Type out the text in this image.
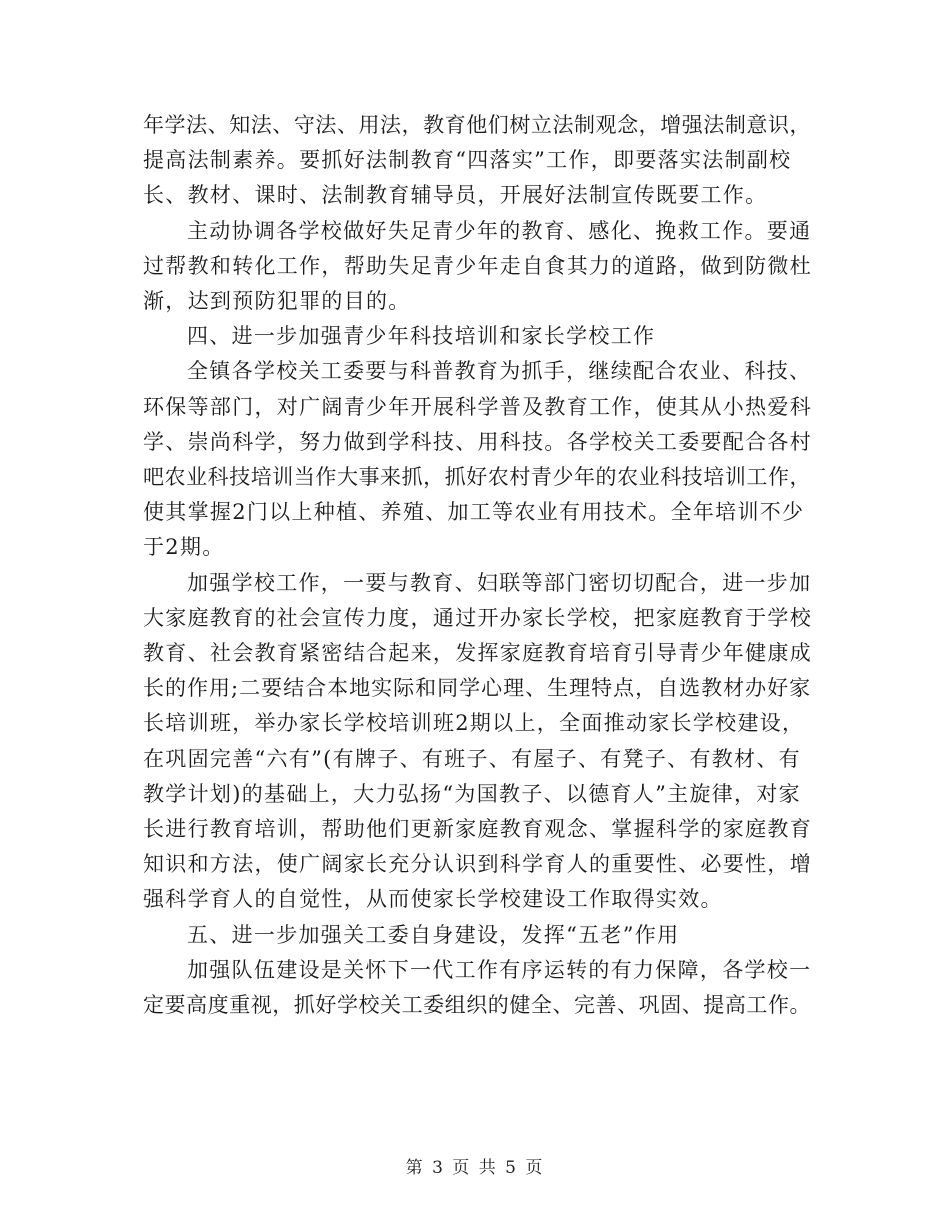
年学法、知法、守法、用法，教育他们树立法制观念，增强法制意识，

提高法制素养。要抓好法制教育“四落实”工作，即要落实法制副校

长、教材、课时、法制教育辅导员，开展好法制宣传既要工作。

主动协调各学校做好失足青少年的教育、感化、挽救工作。要通

过帮教和转化工作，帮助失足青少年走自食其力的道路，做到防微杜

渐，达到预防犯罪的目的。

四、进一步加强青少年科技培训和家长学校工作

全镇各学校关工委要与科普教育为抓手，继续配合农业、科技、

环保等部门，对广阔青少年开展科学普及教育工作，使其从小热爱科

学、崇尚科学，努力做到学科技、用科技。各学校关工委要配合各村

吧农业科技培训当作大事来抓，抓好农村青少年的农业科技培训工作，

使其掌握2门以上种植、养殖、加工等农业有用技术。全年培训不少

于2期。

加强学校工作，一要与教育、妇联等部门密切切配合，进一步加

大家庭教育的社会宣传力度，通过开办家长学校，把家庭教育于学校

教育、社会教育紧密结合起来，发挥家庭教育培育引导青少年健康成

长的作用;二要结合本地实际和同学心理、生理特点，自选教材办好家

长培训班，举办家长学校培训班2期以上，全面推动家长学校建设，

在巩固完善“六有”(有牌子、有班子、有屋子、有凳子、有教材、有

教学计划)的基础上，大力弘扬“为国教子、以德育人”主旋律，对家

长进行教育培训，帮助他们更新家庭教育观念、掌握科学的家庭教育

知识和方法，使广阔家长充分认识到科学育人的重要性、必要性，增

强科学育人的自觉性，从而使家长学校建设工作取得实效。

五、进一步加强关工委自身建设，发挥“五老”作用

加强队伍建设是关怀下一代工作有序运转的有力保障，各学校一

定要高度重视，抓好学校关工委组织的健全、完善、巩固、提高工作。

第 3 页 共 5 页
